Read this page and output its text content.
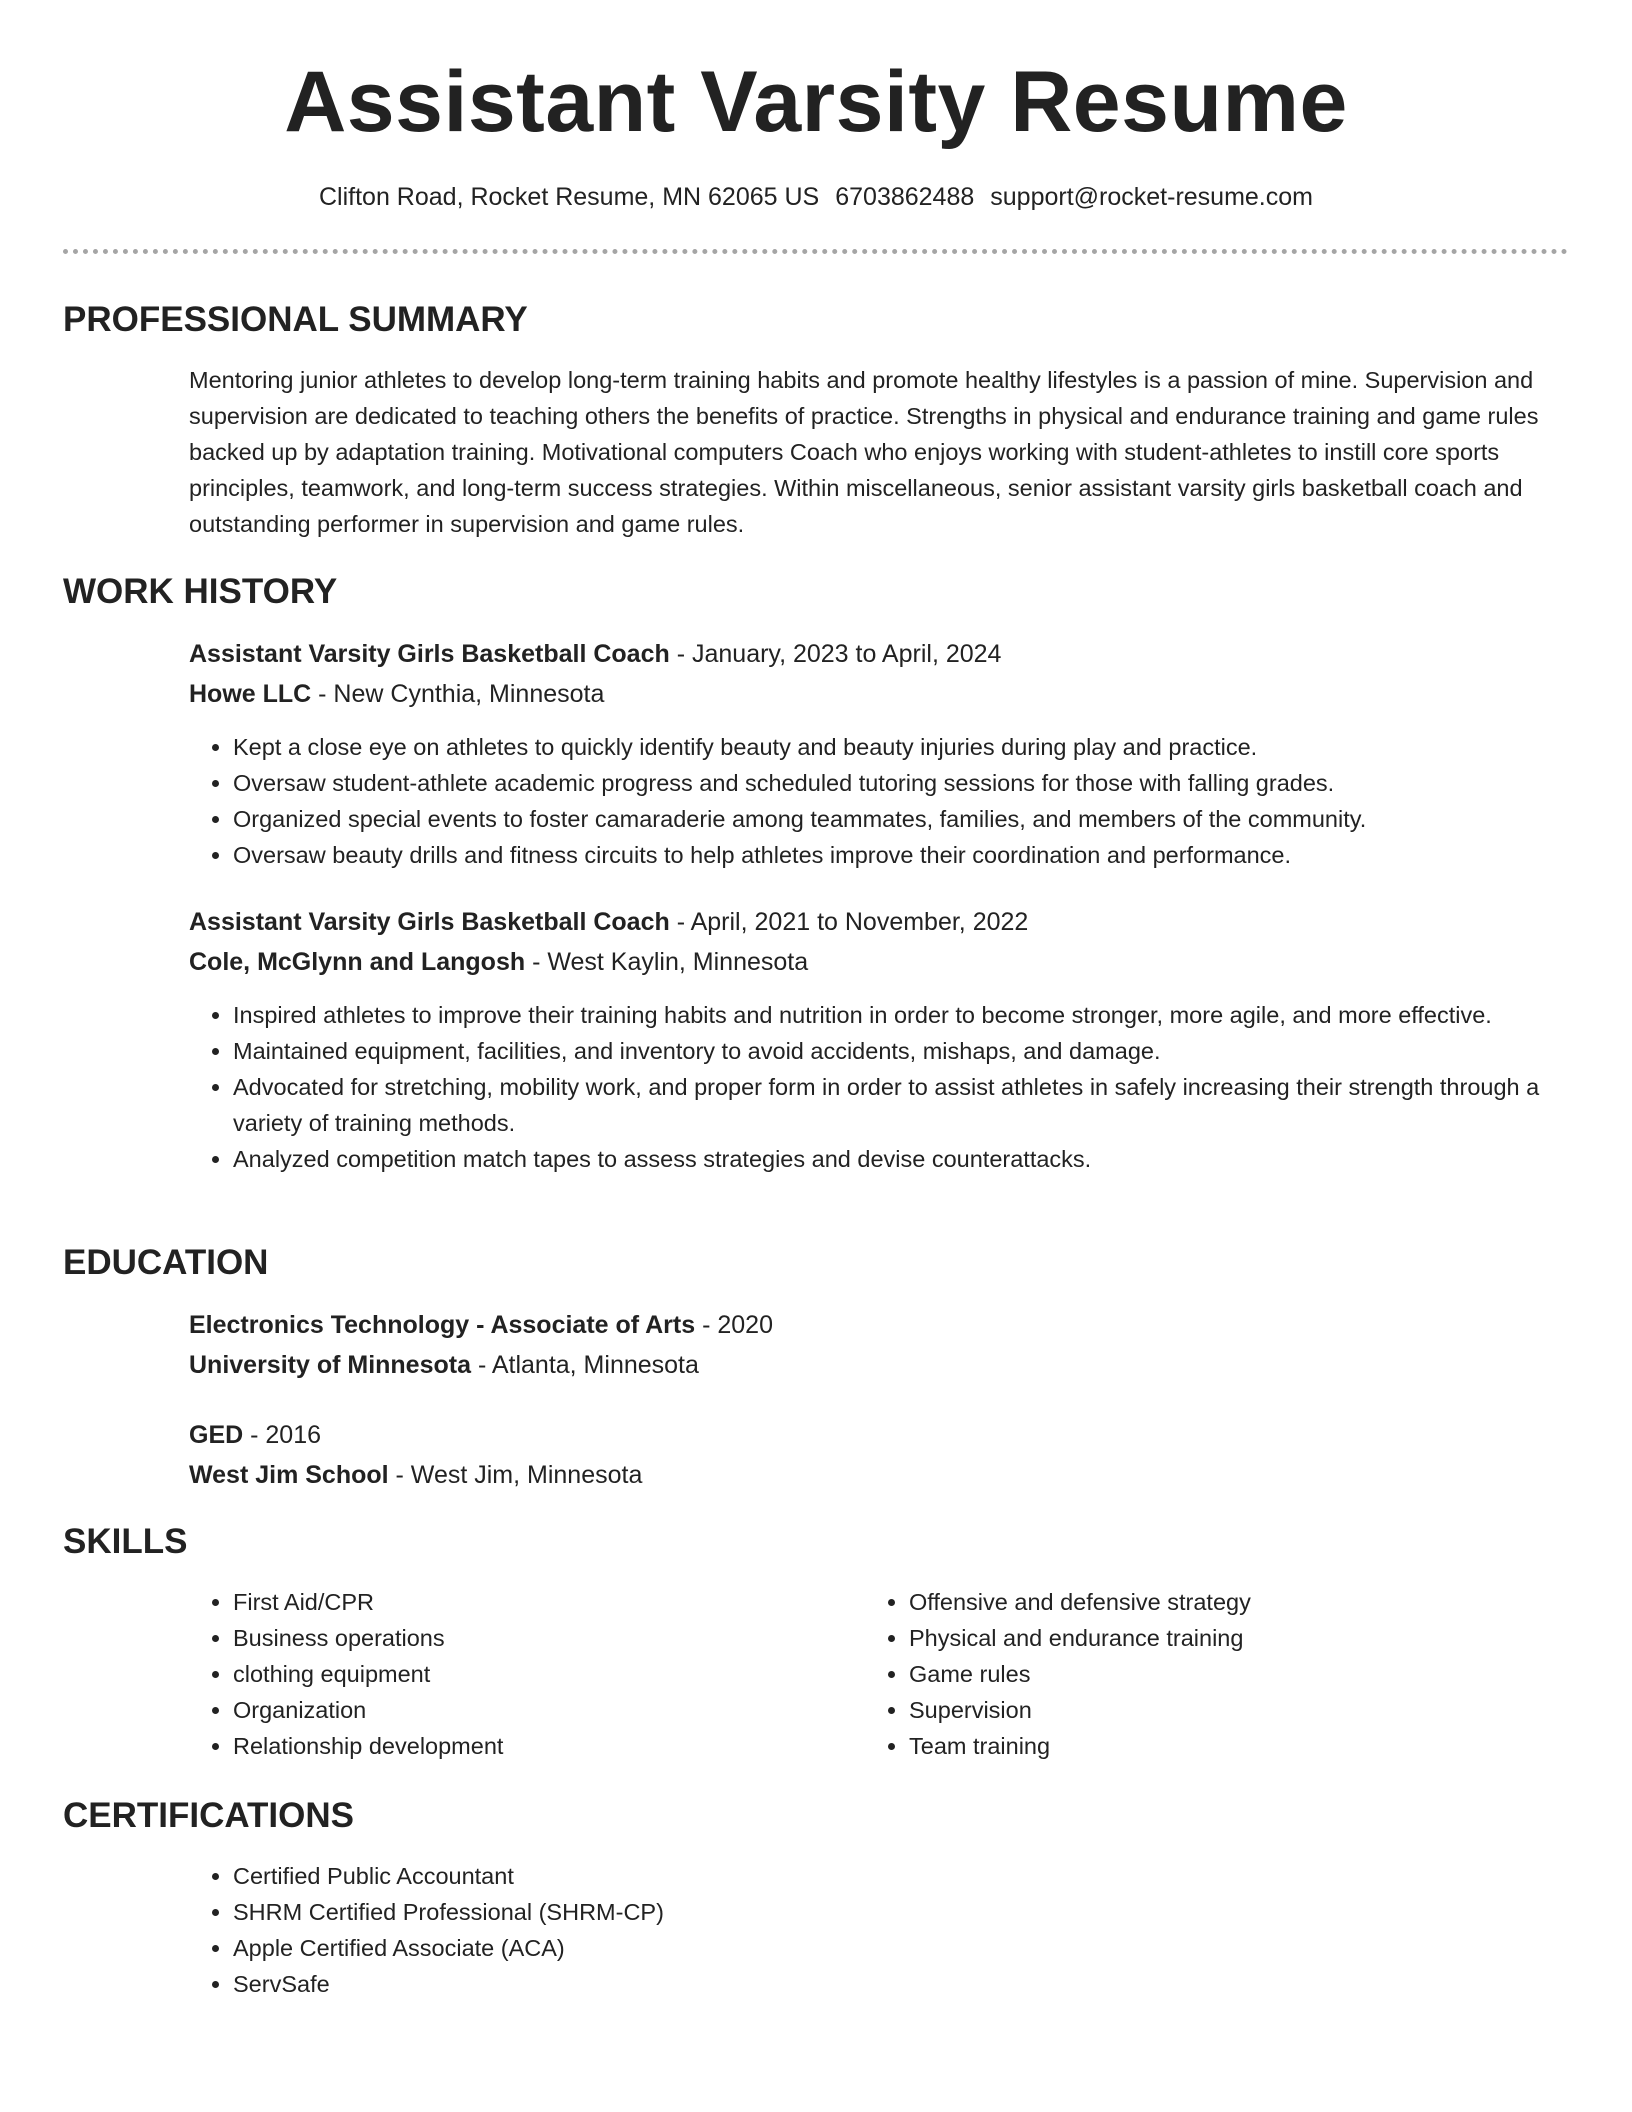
Assistant Varsity Resume
Clifton Road, Rocket Resume, MN 62065 US 6703862488 support@rocket-resume.com
PROFESSIONAL SUMMARY

Mentoring junior athletes to develop long-term training habits and promote healthy lifestyles is a passion of mine. Supervision and supervision are dedicated to teaching others the benefits of practice. Strengths in physical and endurance training and game rules backed up by adaptation training. Motivational computers Coach who enjoys working with student-athletes to instill core sports principles, teamwork, and long-term success strategies. Within miscellaneous, senior assistant varsity girls basketball coach and outstanding performer in supervision and game rules.

WORK HISTORY
Assistant Varsity Girls Basketball Coach - January, 2023 to April, 2024
Howe LLC - New Cynthia, Minnesota
• Kept a close eye on athletes to quickly identify beauty and beauty injuries during play and practice.
• Oversaw student-athlete academic progress and scheduled tutoring sessions for those with falling grades.
• Organized special events to foster camaraderie among teammates, families, and members of the community.
• Oversaw beauty drills and fitness circuits to help athletes improve their coordination and performance.
Assistant Varsity Girls Basketball Coach - April, 2021 to November, 2022
Cole, McGlynn and Langosh - West Kaylin, Minnesota
• Inspired athletes to improve their training habits and nutrition in order to become stronger, more agile, and more effective.
• Maintained equipment, facilities, and inventory to avoid accidents, mishaps, and damage.
• Advocated for stretching, mobility work, and proper form in order to assist athletes in safely increasing their strength through a variety of training methods.
• Analyzed competition match tapes to assess strategies and devise counterattacks.
EDUCATION
Electronics Technology - Associate of Arts - 2020
University of Minnesota - Atlanta, Minnesota
GED - 2016
West Jim School - West Jim, Minnesota
SKILLS
• First Aid/CPR
• Business operations
• clothing equipment
• Organization
• Relationship development
• Offensive and defensive strategy
• Physical and endurance training
• Game rules
• Supervision
• Team training
CERTIFICATIONS
• Certified Public Accountant
• SHRM Certified Professional (SHRM-CP)
• Apple Certified Associate (ACA)
• ServSafe
